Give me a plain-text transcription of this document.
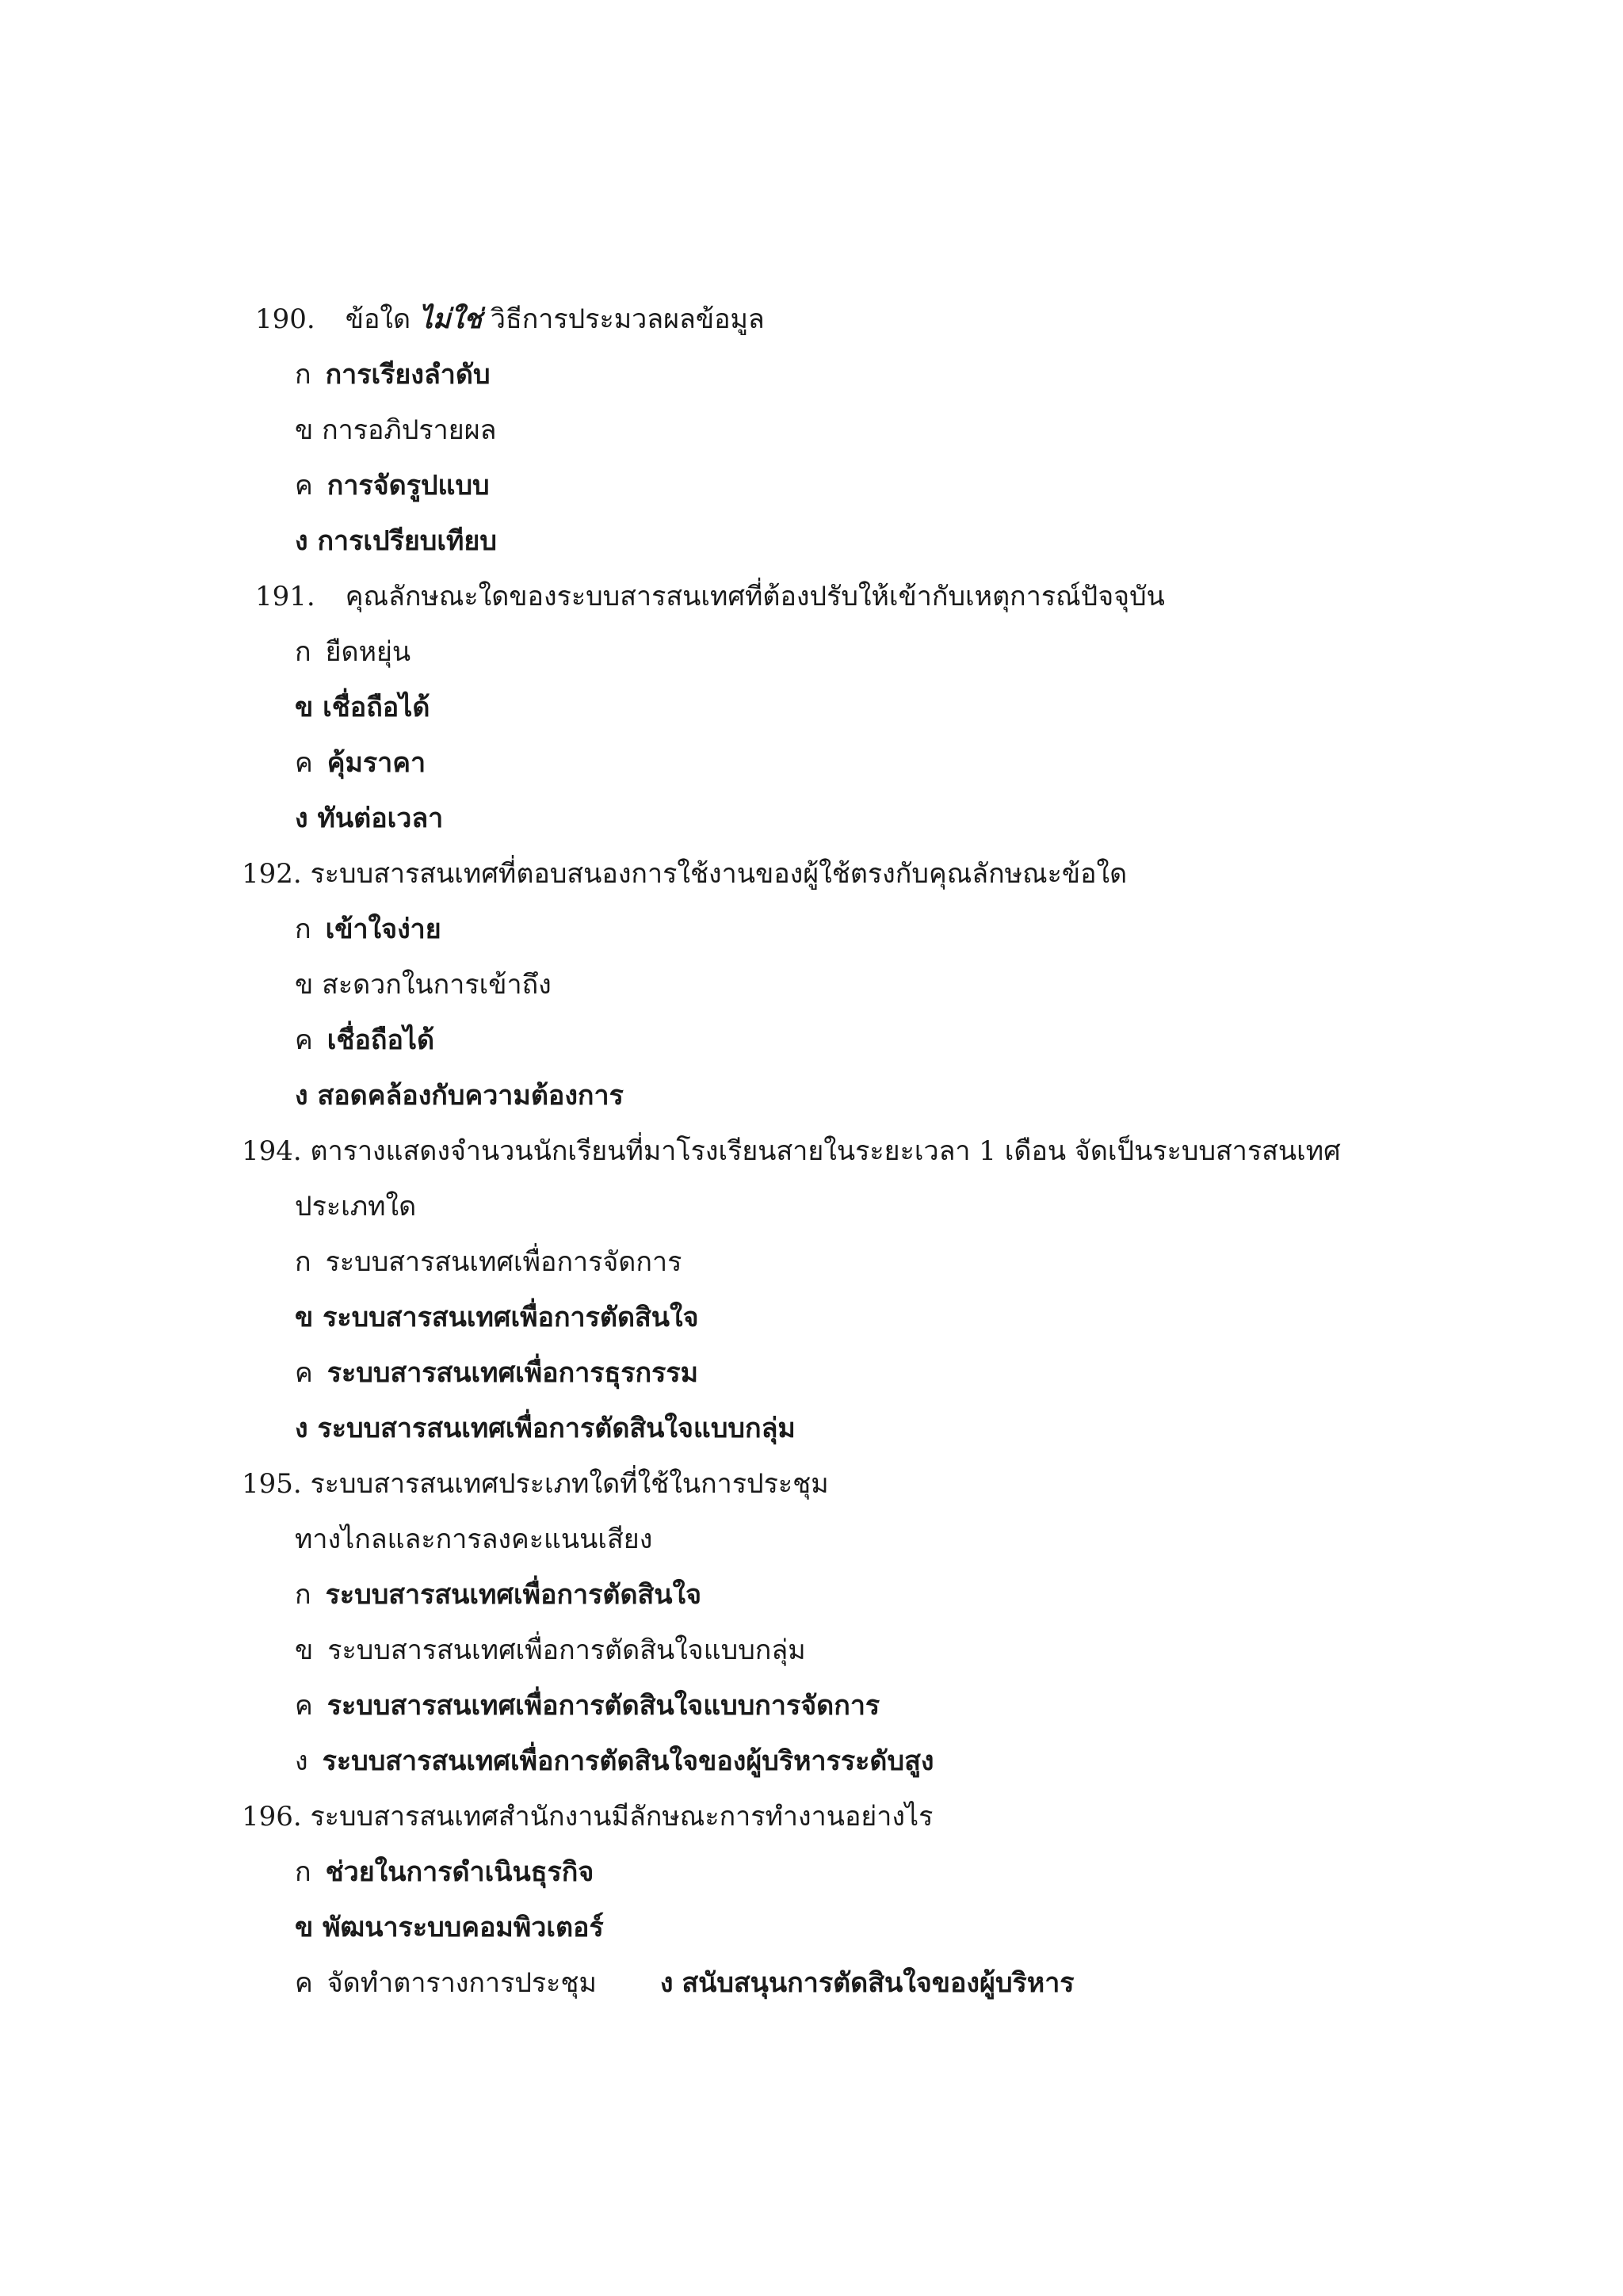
190. ข้อใด ไม่ใช่ วิธีการประมวลผลข้อมูล
ก การเรียงลำดับ
ข การอภิปรายผล
ค การจัดรูปแบบ
ง การเปรียบเทียบ
191. คุณลักษณะใดของระบบสารสนเทศที่ต้องปรับให้เข้ากับเหตุการณ์ปัจจุบัน
ก ยืดหยุ่น
ข เชื่อถือได้
ค คุ้มราคา
ง ทันต่อเวลา
192. ระบบสารสนเทศที่ตอบสนองการใช้งานของผู้ใช้ตรงกับคุณลักษณะข้อใด
ก เข้าใจง่าย
ข สะดวกในการเข้าถึง
ค เชื่อถือได้
ง สอดคล้องกับความต้องการ
194. ตารางแสดงจำนวนนักเรียนที่มาโรงเรียนสายในระยะเวลา 1 เดือน จัดเป็นระบบสารสนเทศ
ประเภทใด
ก ระบบสารสนเทศเพื่อการจัดการ
ข ระบบสารสนเทศเพื่อการตัดสินใจ
ค ระบบสารสนเทศเพื่อการธุรกรรม
ง ระบบสารสนเทศเพื่อการตัดสินใจแบบกลุ่ม
195. ระบบสารสนเทศประเภทใดที่ใช้ในการประชุม
ทางไกลและการลงคะแนนเสียง
ก ระบบสารสนเทศเพื่อการตัดสินใจ
ข ระบบสารสนเทศเพื่อการตัดสินใจแบบกลุ่ม
ค ระบบสารสนเทศเพื่อการตัดสินใจแบบการจัดการ
ง ระบบสารสนเทศเพื่อการตัดสินใจของผู้บริหารระดับสูง
196. ระบบสารสนเทศสำนักงานมีลักษณะการทำงานอย่างไร
ก ช่วยในการดำเนินธุรกิจ
ข พัฒนาระบบคอมพิวเตอร์
ค จัดทำตารางการประชุม ง สนับสนุนการตัดสินใจของผู้บริหาร
